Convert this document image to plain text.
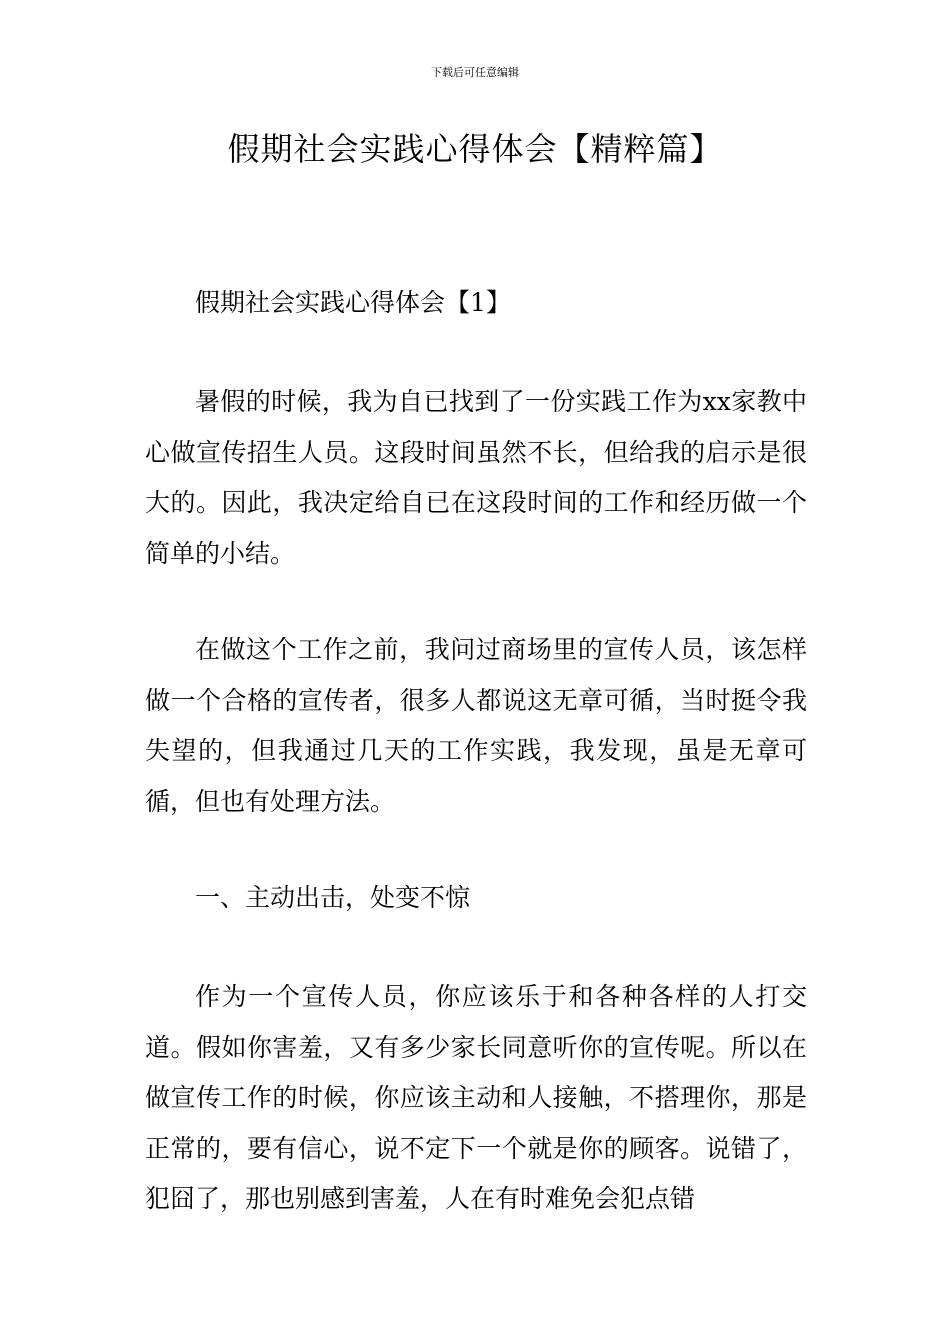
下载后可任意编辑
假期社会实践心得体会【精粹篇】

假期社会实践心得体会【1】

暑假的时候，我为自已找到了一份实践工作为xx家教中心做宣传招生人员。这段时间虽然不长，但给我的启示是很大的。因此，我决定给自已在这段时间的工作和经历做一个简单的小结。

在做这个工作之前，我问过商场里的宣传人员，该怎样做一个合格的宣传者，很多人都说这无章可循，当时挺令我失望的，但我通过几天的工作实践，我发现，虽是无章可循，但也有处理方法。

一、主动出击，处变不惊

作为一个宣传人员，你应该乐于和各种各样的人打交道。假如你害羞，又有多少家长同意听你的宣传呢。所以在做宣传工作的时候，你应该主动和人接触，不搭理你，那是正常的，要有信心，说不定下一个就是你的顾客。说错了，犯囧了，那也别感到害羞，人在有时难免会犯点错
